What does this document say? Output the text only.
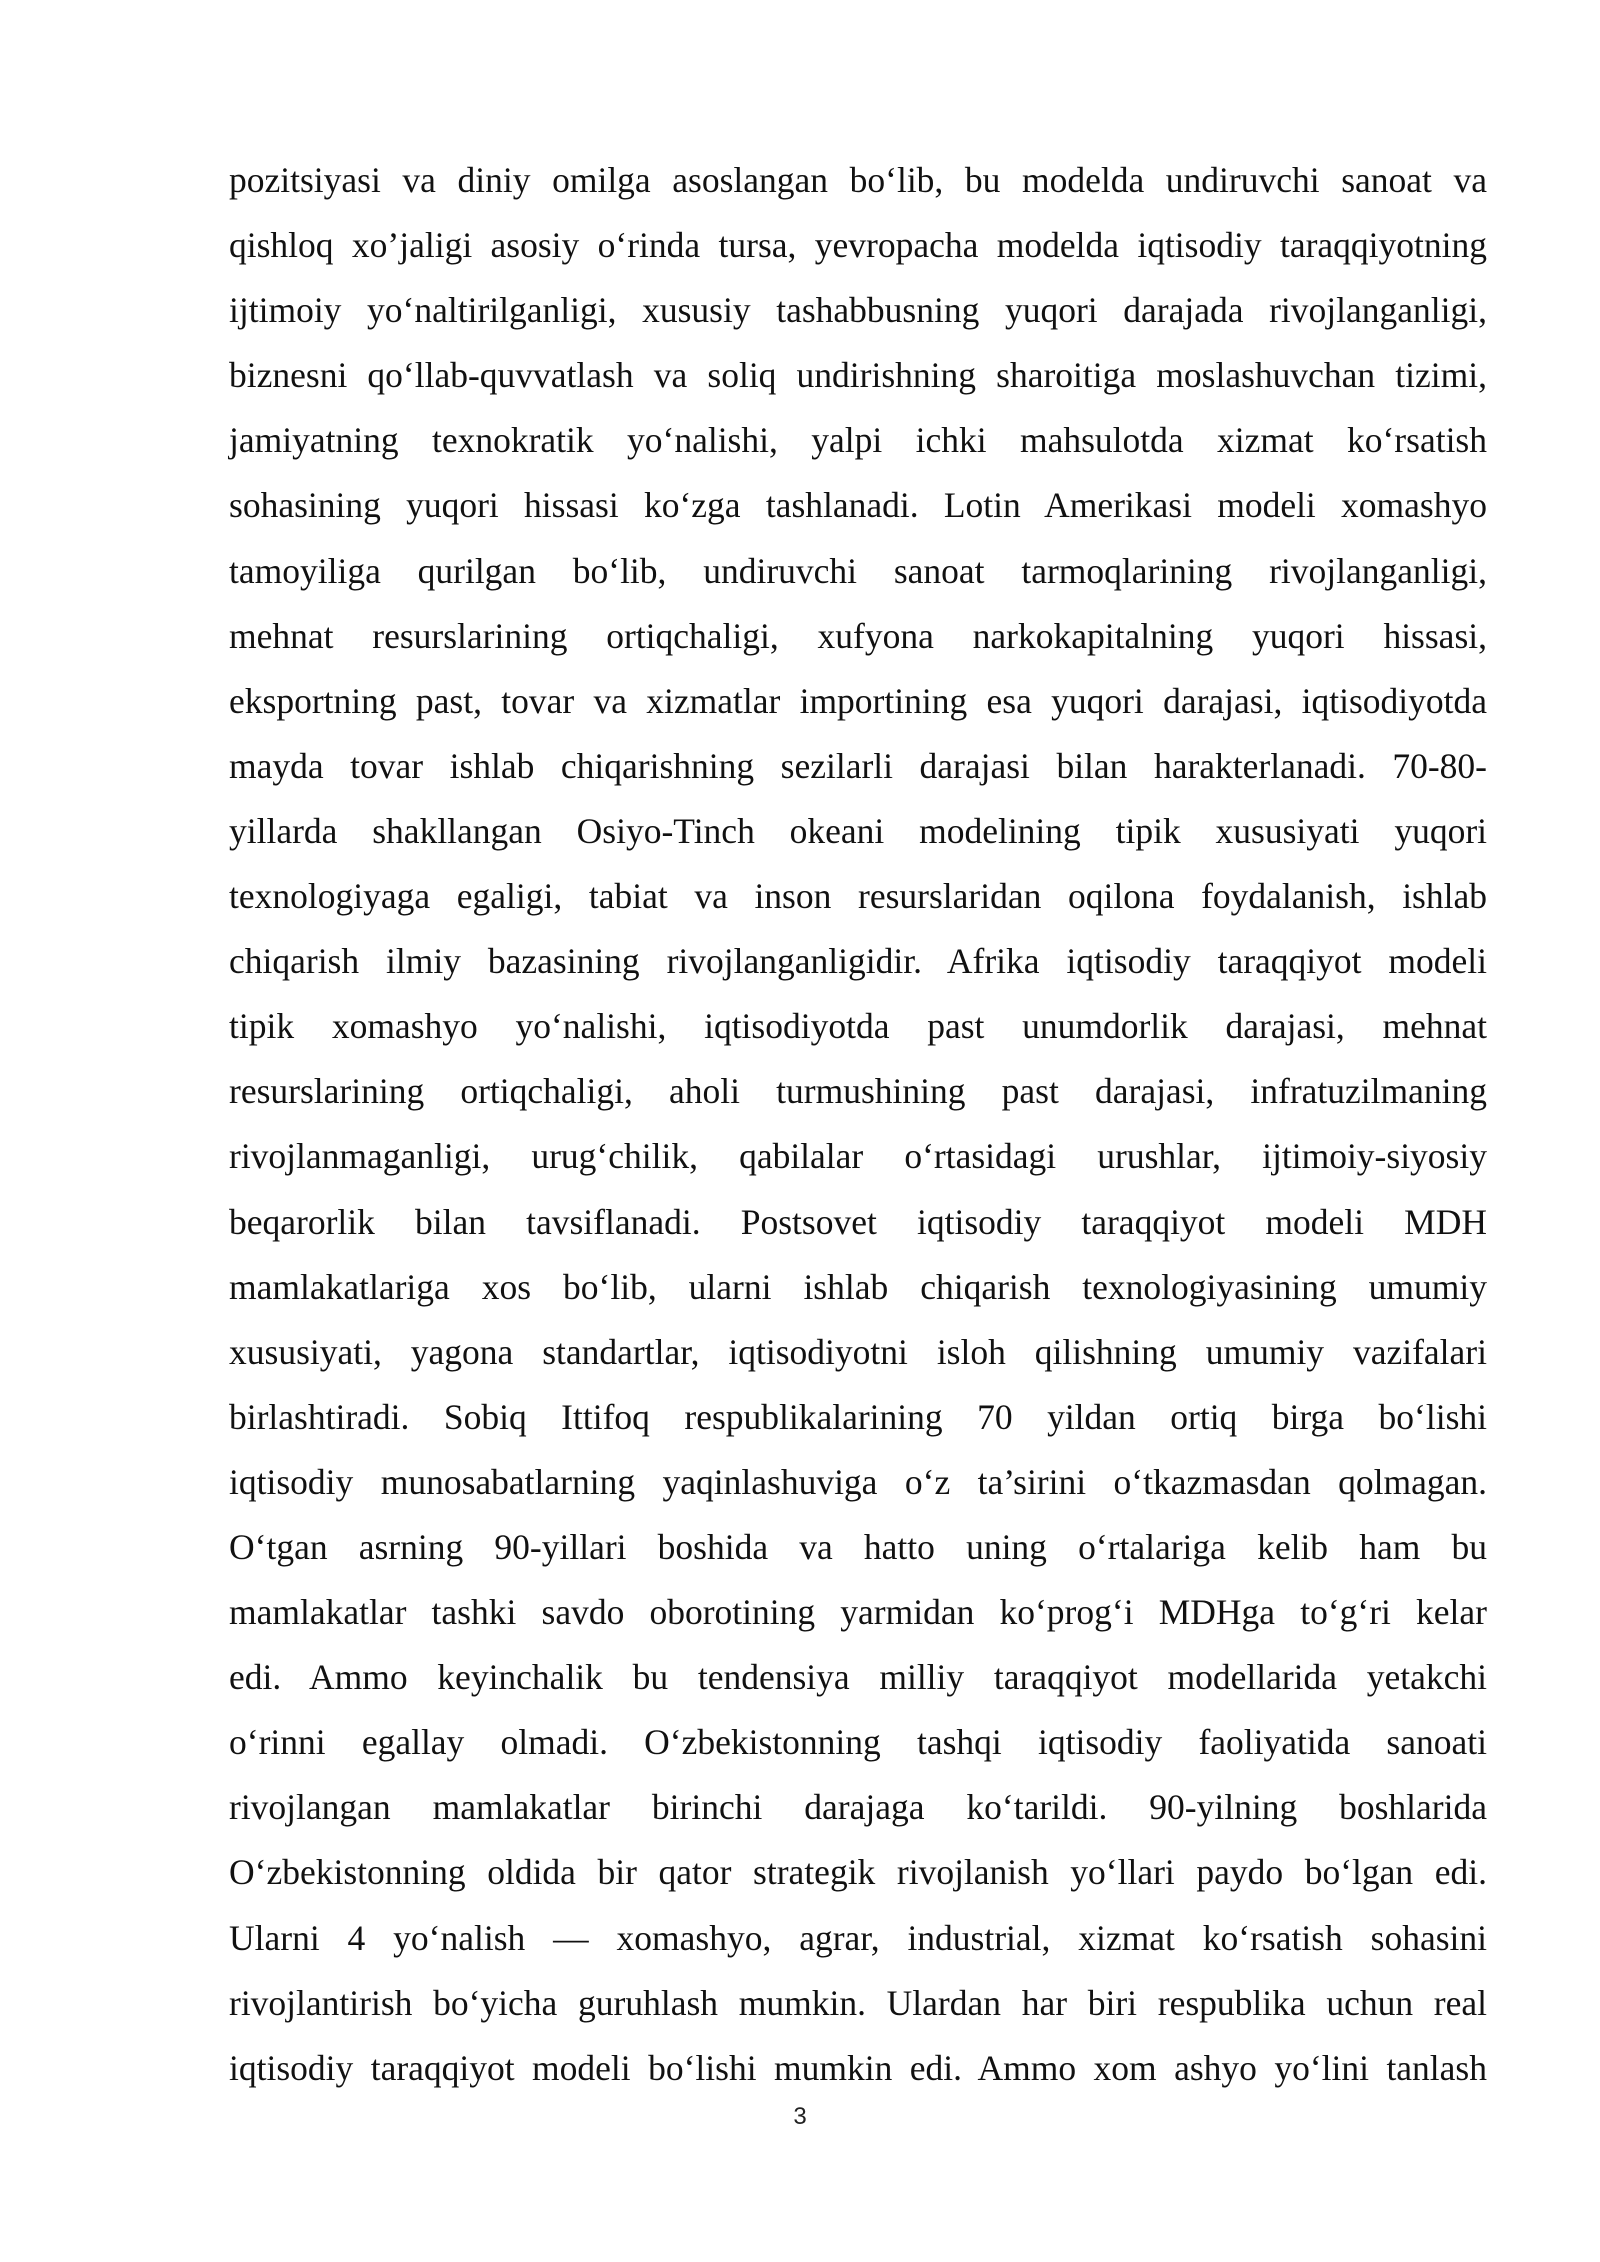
pozitsiyasi va diniy omilga asoslangan bo‘lib, bu modelda undiruvchi sanoat va
qishloq xo’jaligi asosiy o‘rinda tursa, yevropacha modelda iqtisodiy taraqqiyotning
ijtimoiy yo‘naltirilganligi, xususiy tashabbusning yuqori darajada rivojlanganligi,
biznesni qo‘llab-quvvatlash va soliq undirishning sharoitiga moslashuvchan tizimi,
jamiyatning texnokratik yo‘nalishi, yalpi ichki mahsulotda xizmat ko‘rsatish
sohasining yuqori hissasi ko‘zga tashlanadi. Lotin Amerikasi modeli xomashyo
tamoyiliga qurilgan bo‘lib, undiruvchi sanoat tarmoqlarining rivojlanganligi,
mehnat resurslarining ortiqchaligi, xufyona narkokapitalning yuqori hissasi,
eksportning past, tovar va xizmatlar importining esa yuqori darajasi, iqtisodiyotda
mayda tovar ishlab chiqarishning sezilarli darajasi bilan harakterlanadi. 70-80-
yillarda shakllangan Osiyo-Tinch okeani modelining tipik xususiyati yuqori
texnologiyaga egaligi, tabiat va inson resurslaridan oqilona foydalanish, ishlab
chiqarish ilmiy bazasining rivojlanganligidir. Afrika iqtisodiy taraqqiyot modeli
tipik xomashyo yo‘nalishi, iqtisodiyotda past unumdorlik darajasi, mehnat
resurslarining ortiqchaligi, aholi turmushining past darajasi, infratuzilmaning
rivojlanmaganligi, urug‘chilik, qabilalar o‘rtasidagi urushlar, ijtimoiy-siyosiy
beqarorlik bilan tavsiflanadi. Postsovet iqtisodiy taraqqiyot modeli MDH
mamlakatlariga xos bo‘lib, ularni ishlab chiqarish texnologiyasining umumiy
xususiyati, yagona standartlar, iqtisodiyotni isloh qilishning umumiy vazifalari
birlashtiradi. Sobiq Ittifoq respublikalarining 70 yildan ortiq birga bo‘lishi
iqtisodiy munosabatlarning yaqinlashuviga o‘z ta’sirini o‘tkazmasdan qolmagan.
O‘tgan asrning 90-yillari boshida va hatto uning o‘rtalariga kelib ham bu
mamlakatlar tashki savdo oborotining yarmidan ko‘prog‘i MDHga to‘g‘ri kelar
edi. Ammo keyinchalik bu tendensiya milliy taraqqiyot modellarida yetakchi
o‘rinni egallay olmadi. O‘zbekistonning tashqi iqtisodiy faoliyatida sanoati
rivojlangan mamlakatlar birinchi darajaga ko‘tarildi. 90-yilning boshlarida
O‘zbekistonning oldida bir qator strategik rivojlanish yo‘llari paydo bo‘lgan edi.
Ularni 4 yo‘nalish — xomashyo, agrar, industrial, xizmat ko‘rsatish sohasini
rivojlantirish bo‘yicha guruhlash mumkin. Ulardan har biri respublika uchun real
iqtisodiy taraqqiyot modeli bo‘lishi mumkin edi. Ammo xom ashyo yo‘lini tanlash
3
